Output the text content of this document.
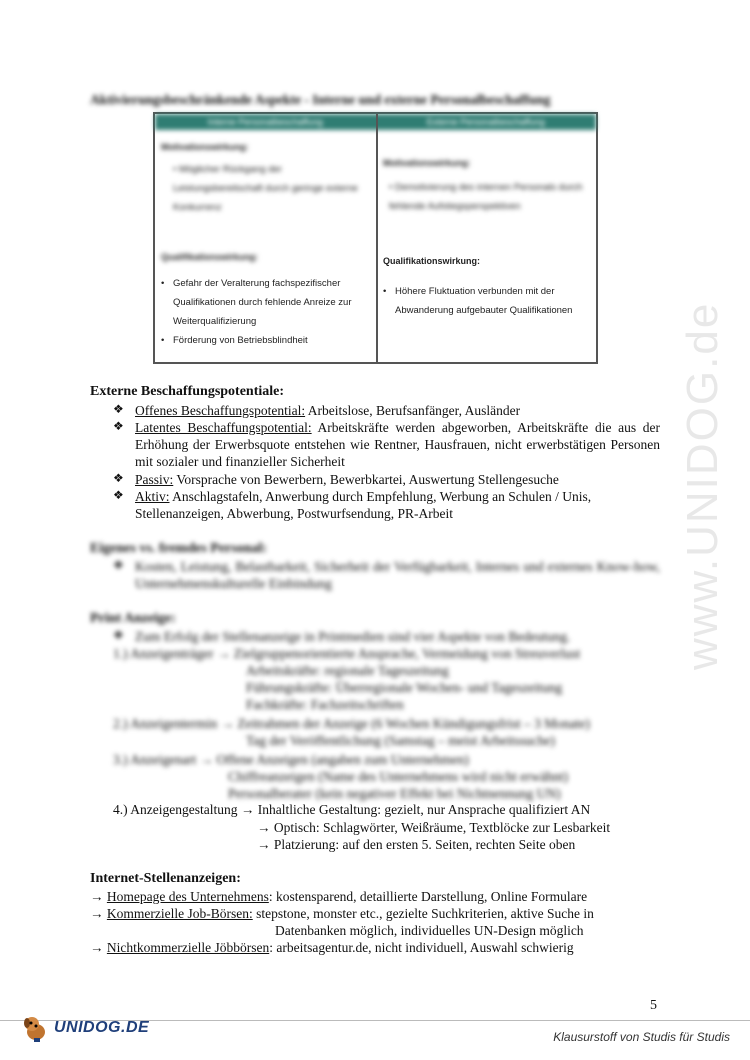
www.UNIDOG.de
Aktivierungsbeschränkende Aspekte - Interne und externe Personalbeschaffung
Interne Personalbeschaffung	Externe Personalbeschaffung
Motivationswirkung:
• Möglicher Rückgang der Leistungsbereitschaft durch geringe externe Konkurrenz
Motivationswirkung:
• Demotivierung des internen Personals durch fehlende Aufstiegsperspektiven
Qualifikationswirkung:
• Gefahr der Veralterung fachspezifischer Qualifikationen durch fehlende Anreize zur Weiterqualifizierung
• Förderung von Betriebsblindheit
Qualifikationswirkung:
• Höhere Fluktuation verbunden mit der Abwanderung aufgebauter Qualifikationen
Externe Beschaffungspotentiale:
❖ Offenes Beschaffungspotential: Arbeitslose, Berufsanfänger, Ausländer
❖ Latentes Beschaffungspotential: Arbeitskräfte werden abgeworben, Arbeitskräfte die aus der Erhöhung der Erwerbsquote entstehen wie Rentner, Hausfrauen, nicht erwerbstätigen Personen mit sozialer und finanzieller Sicherheit
❖ Passiv: Vorsprache von Bewerbern, Bewerbkartei, Auswertung Stellengesuche
❖ Aktiv: Anschlagstafeln, Anwerbung durch Empfehlung, Werbung an Schulen / Unis, Stellenanzeigen, Abwerbung, Postwurfsendung, PR-Arbeit
Eigenes vs. fremdes Personal:
❖ Kosten, Leistung, Belastbarkeit, Sicherheit der Verfügbarkeit, Internes und externes Know-how, Unternehmenskulturelle Einbindung
Print Anzeige:
❖ Zum Erfolg der Stellenanzeige in Printmedien sind vier Aspekte von Bedeutung.
1.) Anzeigenträger → Zielgruppenorientierte Ansprache, Vermeidung von Streuverlust
Arbeitskräfte: regionale Tageszeitung
Führungskräfte: Überregionale Wochen- und Tageszeitung
Fachkräfte: Fachzeitschriften
2.) Anzeigentermin → Zeitrahmen der Anzeige (6 Wochen Kündigungsfrist – 3 Monate)
Tag der Veröffentlichung (Samstag – meist Arbeitssuche)
3.) Anzeigenart → Offene Anzeigen (angaben zum Unternehmen)
Chiffreanzeigen (Name des Unternehmens wird nicht erwähnt)
Personalberater (kein negativer Effekt bei Nichtnennung UN)
4.) Anzeigengestaltung → Inhaltliche Gestaltung: gezielt, nur Ansprache qualifiziert AN
→ Optisch: Schlagwörter, Weißräume, Textblöcke zur Lesbarkeit
→ Platzierung: auf den ersten 5. Seiten, rechten Seite oben
Internet-Stellenanzeigen:
→ Homepage des Unternehmens: kostensparend, detaillierte Darstellung, Online Formulare
→ Kommerzielle Job-Börsen: stepstone, monster etc., gezielte Suchkriterien, aktive Suche in
Datenbanken möglich, individuelles UN-Design möglich
→ Nichtkommerzielle Jöbbörsen: arbeitsagentur.de, nicht individuell, Auswahl schwierig
5
UNIDOG.DE
Klausurstoff von Studis für Studis
